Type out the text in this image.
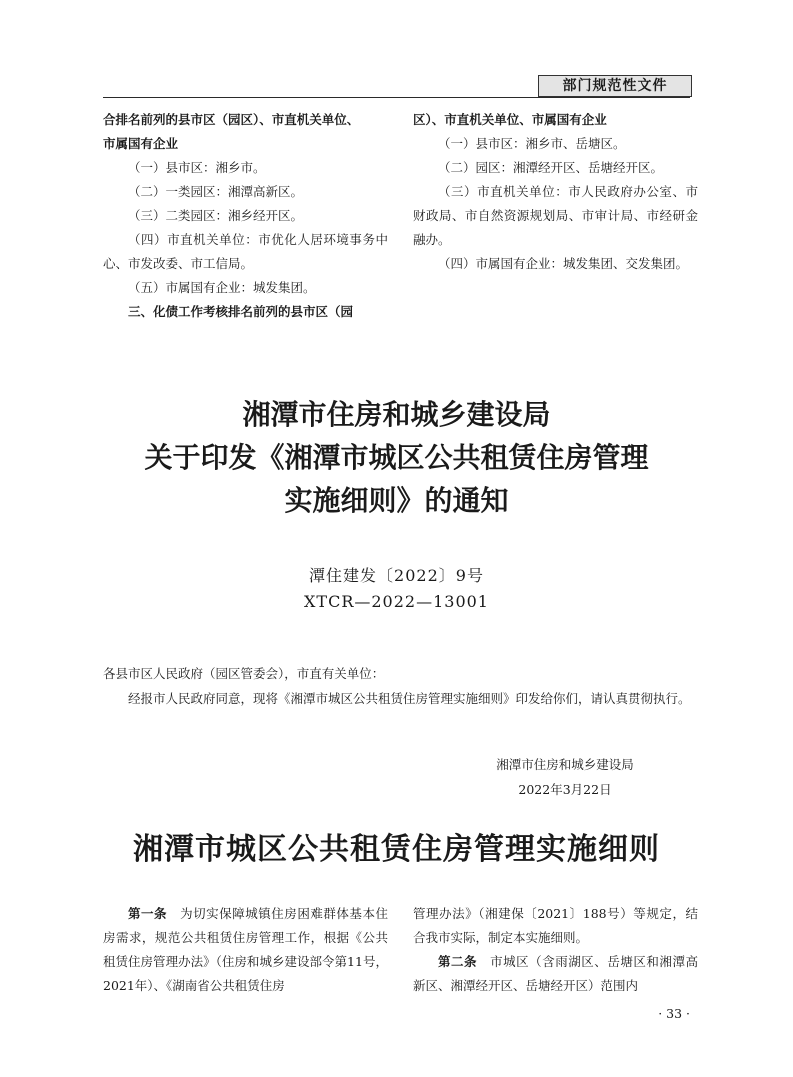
部门规范性文件

合排名前列的县市区（园区）、市直机关单位、

市属国有企业

（一）县市区：湘乡市。

（二）一类园区：湘潭高新区。

（三）二类园区：湘乡经开区。

（四）市直机关单位：市优化人居环境事务中心、市发改委、市工信局。

（五）市属国有企业：城发集团。

三、化债工作考核排名前列的县市区（园

区）、市直机关单位、市属国有企业

（一）县市区：湘乡市、岳塘区。

（二）园区：湘潭经开区、岳塘经开区。

（三）市直机关单位：市人民政府办公室、市财政局、市自然资源规划局、市审计局、市经研金融办。

（四）市属国有企业：城发集团、交发集团。

湘潭市住房和城乡建设局
关于印发《湘潭市城区公共租赁住房管理
实施细则》的通知
潭住建发〔2022〕9号
XTCR—2022—13001

各县市区人民政府（园区管委会），市直有关单位：

经报市人民政府同意，现将《湘潭市城区公共租赁住房管理实施细则》印发给你们，请认真贯彻执行。

湘潭市住房和城乡建设局
2022年3月22日
湘潭市城区公共租赁住房管理实施细则

第一条　 为切实保障城镇住房困难群体基本住房需求，规范公共租赁住房管理工作，根据《公共租赁住房管理办法》（住房和城乡建设部令第11号，2021年）、《湖南省公共租赁住房

管理办法》（湘建保〔2021〕188号）等规定，结合我市实际，制定本实施细则。

第二条　 市城区（含雨湖区、岳塘区和湘潭高新区、湘潭经开区、岳塘经开区）范围内

· 33 ·
